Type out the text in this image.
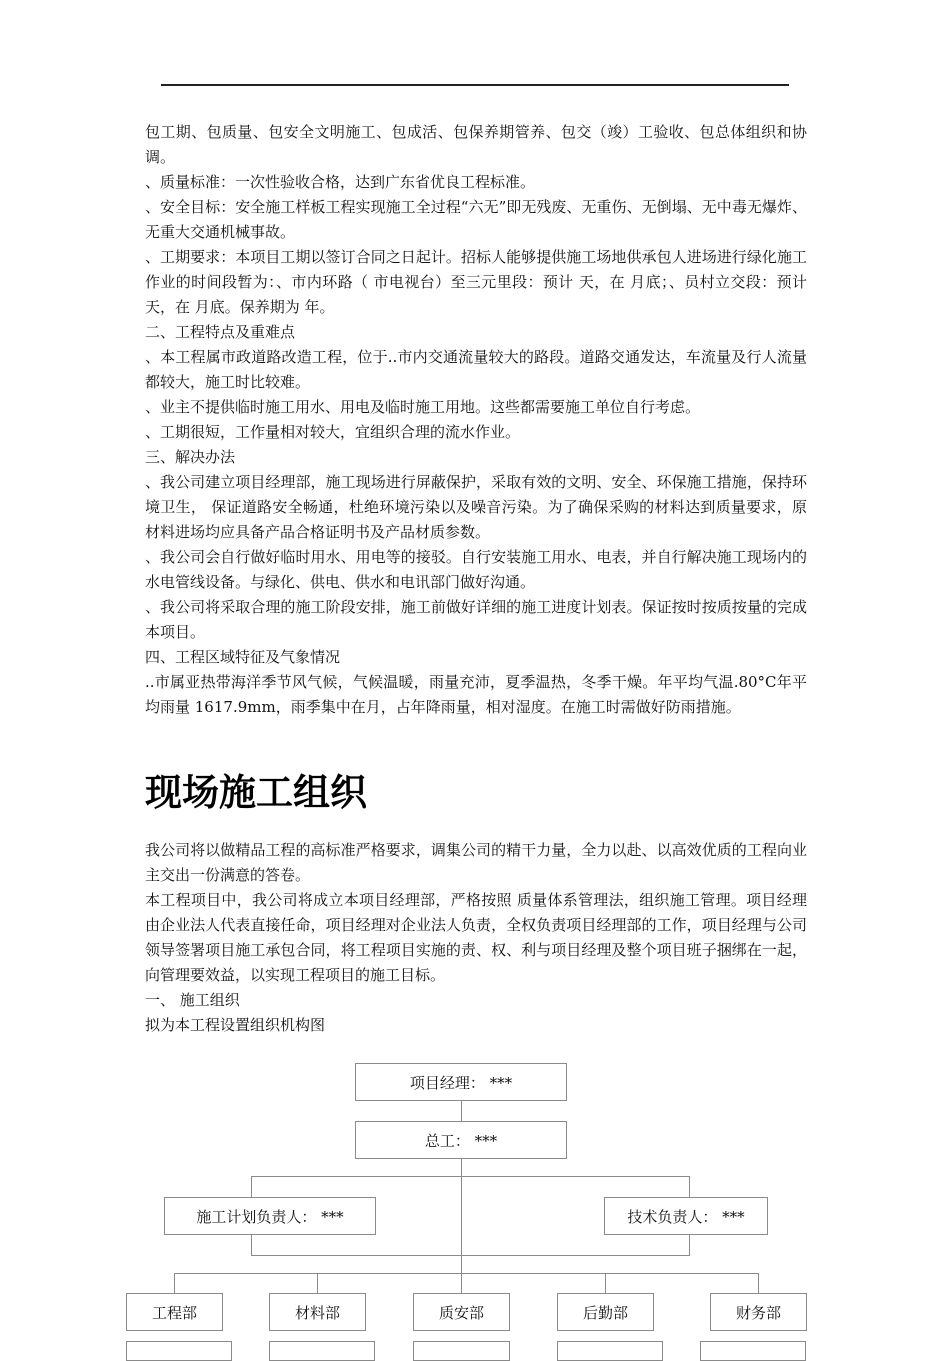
包工期、包质量、包安全文明施工、包成活、包保养期管养、包交（竣）工验收、包总体组织和协调。

、质量标准：一次性验收合格，达到广东省优良工程标准。

、安全目标：安全施工样板工程实现施工全过程“六无”即无残废、无重伤、无倒塌、无中毒无爆炸、无重大交通机械事故。

、工期要求：本项目工期以签订合同之日起计。招标人能够提供施工场地供承包人进场进行绿化施工作业的时间段暂为：、市内环路（ 市电视台）至三元里段：预计 天，在 月底；、员村立交段：预计 天，在 月底。保养期为 年。

二、工程特点及重难点

、本工程属市政道路改造工程，位于..市内交通流量较大的路段。道路交通发达，车流量及行人流量都较大，施工时比较难。

、业主不提供临时施工用水、用电及临时施工用地。这些都需要施工单位自行考虑。

、工期很短，工作量相对较大，宜组织合理的流水作业。

三、解决办法

、我公司建立项目经理部，施工现场进行屏蔽保护，采取有效的文明、安全、环保施工措施，保持环境卫生， 保证道路安全畅通，杜绝环境污染以及噪音污染。为了确保采购的材料达到质量要求，原材料进场均应具备产品合格证明书及产品材质参数。

、我公司会自行做好临时用水、用电等的接驳。自行安装施工用水、电表，并自行解决施工现场内的水电管线设备。与绿化、供电、供水和电讯部门做好沟通。

、我公司将采取合理的施工阶段安排，施工前做好详细的施工进度计划表。保证按时按质按量的完成本项目。

四、工程区域特征及气象情况

..市属亚热带海洋季节风气候，气候温暖，雨量充沛，夏季温热，冬季干燥。年平均气温.80°C年平均雨量 1617.9mm，雨季集中在月，占年降雨量，相对湿度。在施工时需做好防雨措施。

现场施工组织

我公司将以做精品工程的高标准严格要求，调集公司的精干力量，全力以赴、以高效优质的工程向业主交出一份满意的答卷。

本工程项目中，我公司将成立本项目经理部，严格按照 质量体系管理法，组织施工管理。项目经理由企业法人代表直接任命，项目经理对企业法人负责，全权负责项目经理部的工作，项目经理与公司领导签署项目施工承包合同，将工程项目实施的责、权、利与项目经理及整个项目班子捆绑在一起，向管理要效益，以实现工程项目的施工目标。

一、 施工组织

拟为本工程设置组织机构图

项目经理： ***
总工： ***
施工计划负责人： ***	技术负责人： ***
工程部	材料部	质安部	后勤部	财务部
